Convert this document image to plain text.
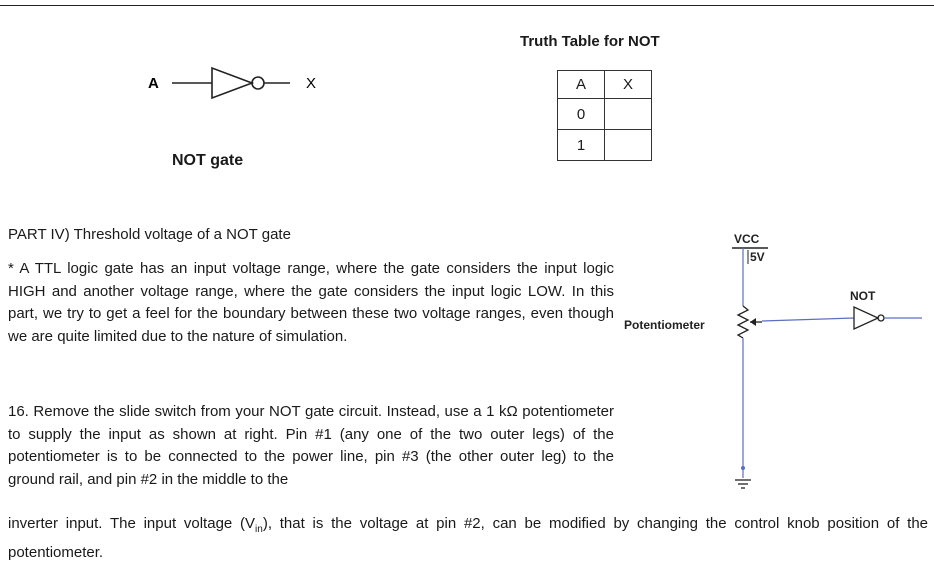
A	X
NOT gate
Truth Table for NOT
A	X
0	
1	
PART IV) Threshold voltage of a NOT gate
* A TTL logic gate has an input voltage range, where the gate considers the input logic HIGH and another voltage range, where the gate considers the input logic LOW. In this part, we try to get a feel for the boundary between these two voltage ranges, even though we are quite limited due to the nature of simulation.
16. Remove the slide switch from your NOT gate circuit. Instead, use a 1 kΩ potentiometer to supply the input as shown at right. Pin #1 (any one of the two outer legs) of the potentiometer is to be connected to the power line, pin #3 (the other outer leg) to the ground rail, and pin #2 in the middle to the
inverter input. The input voltage $(V_{in})$, that is the voltage at pin #2, can be modified by changing the control knob position of the potentiometer.
VCC
5V
Potentiometer
NOT
